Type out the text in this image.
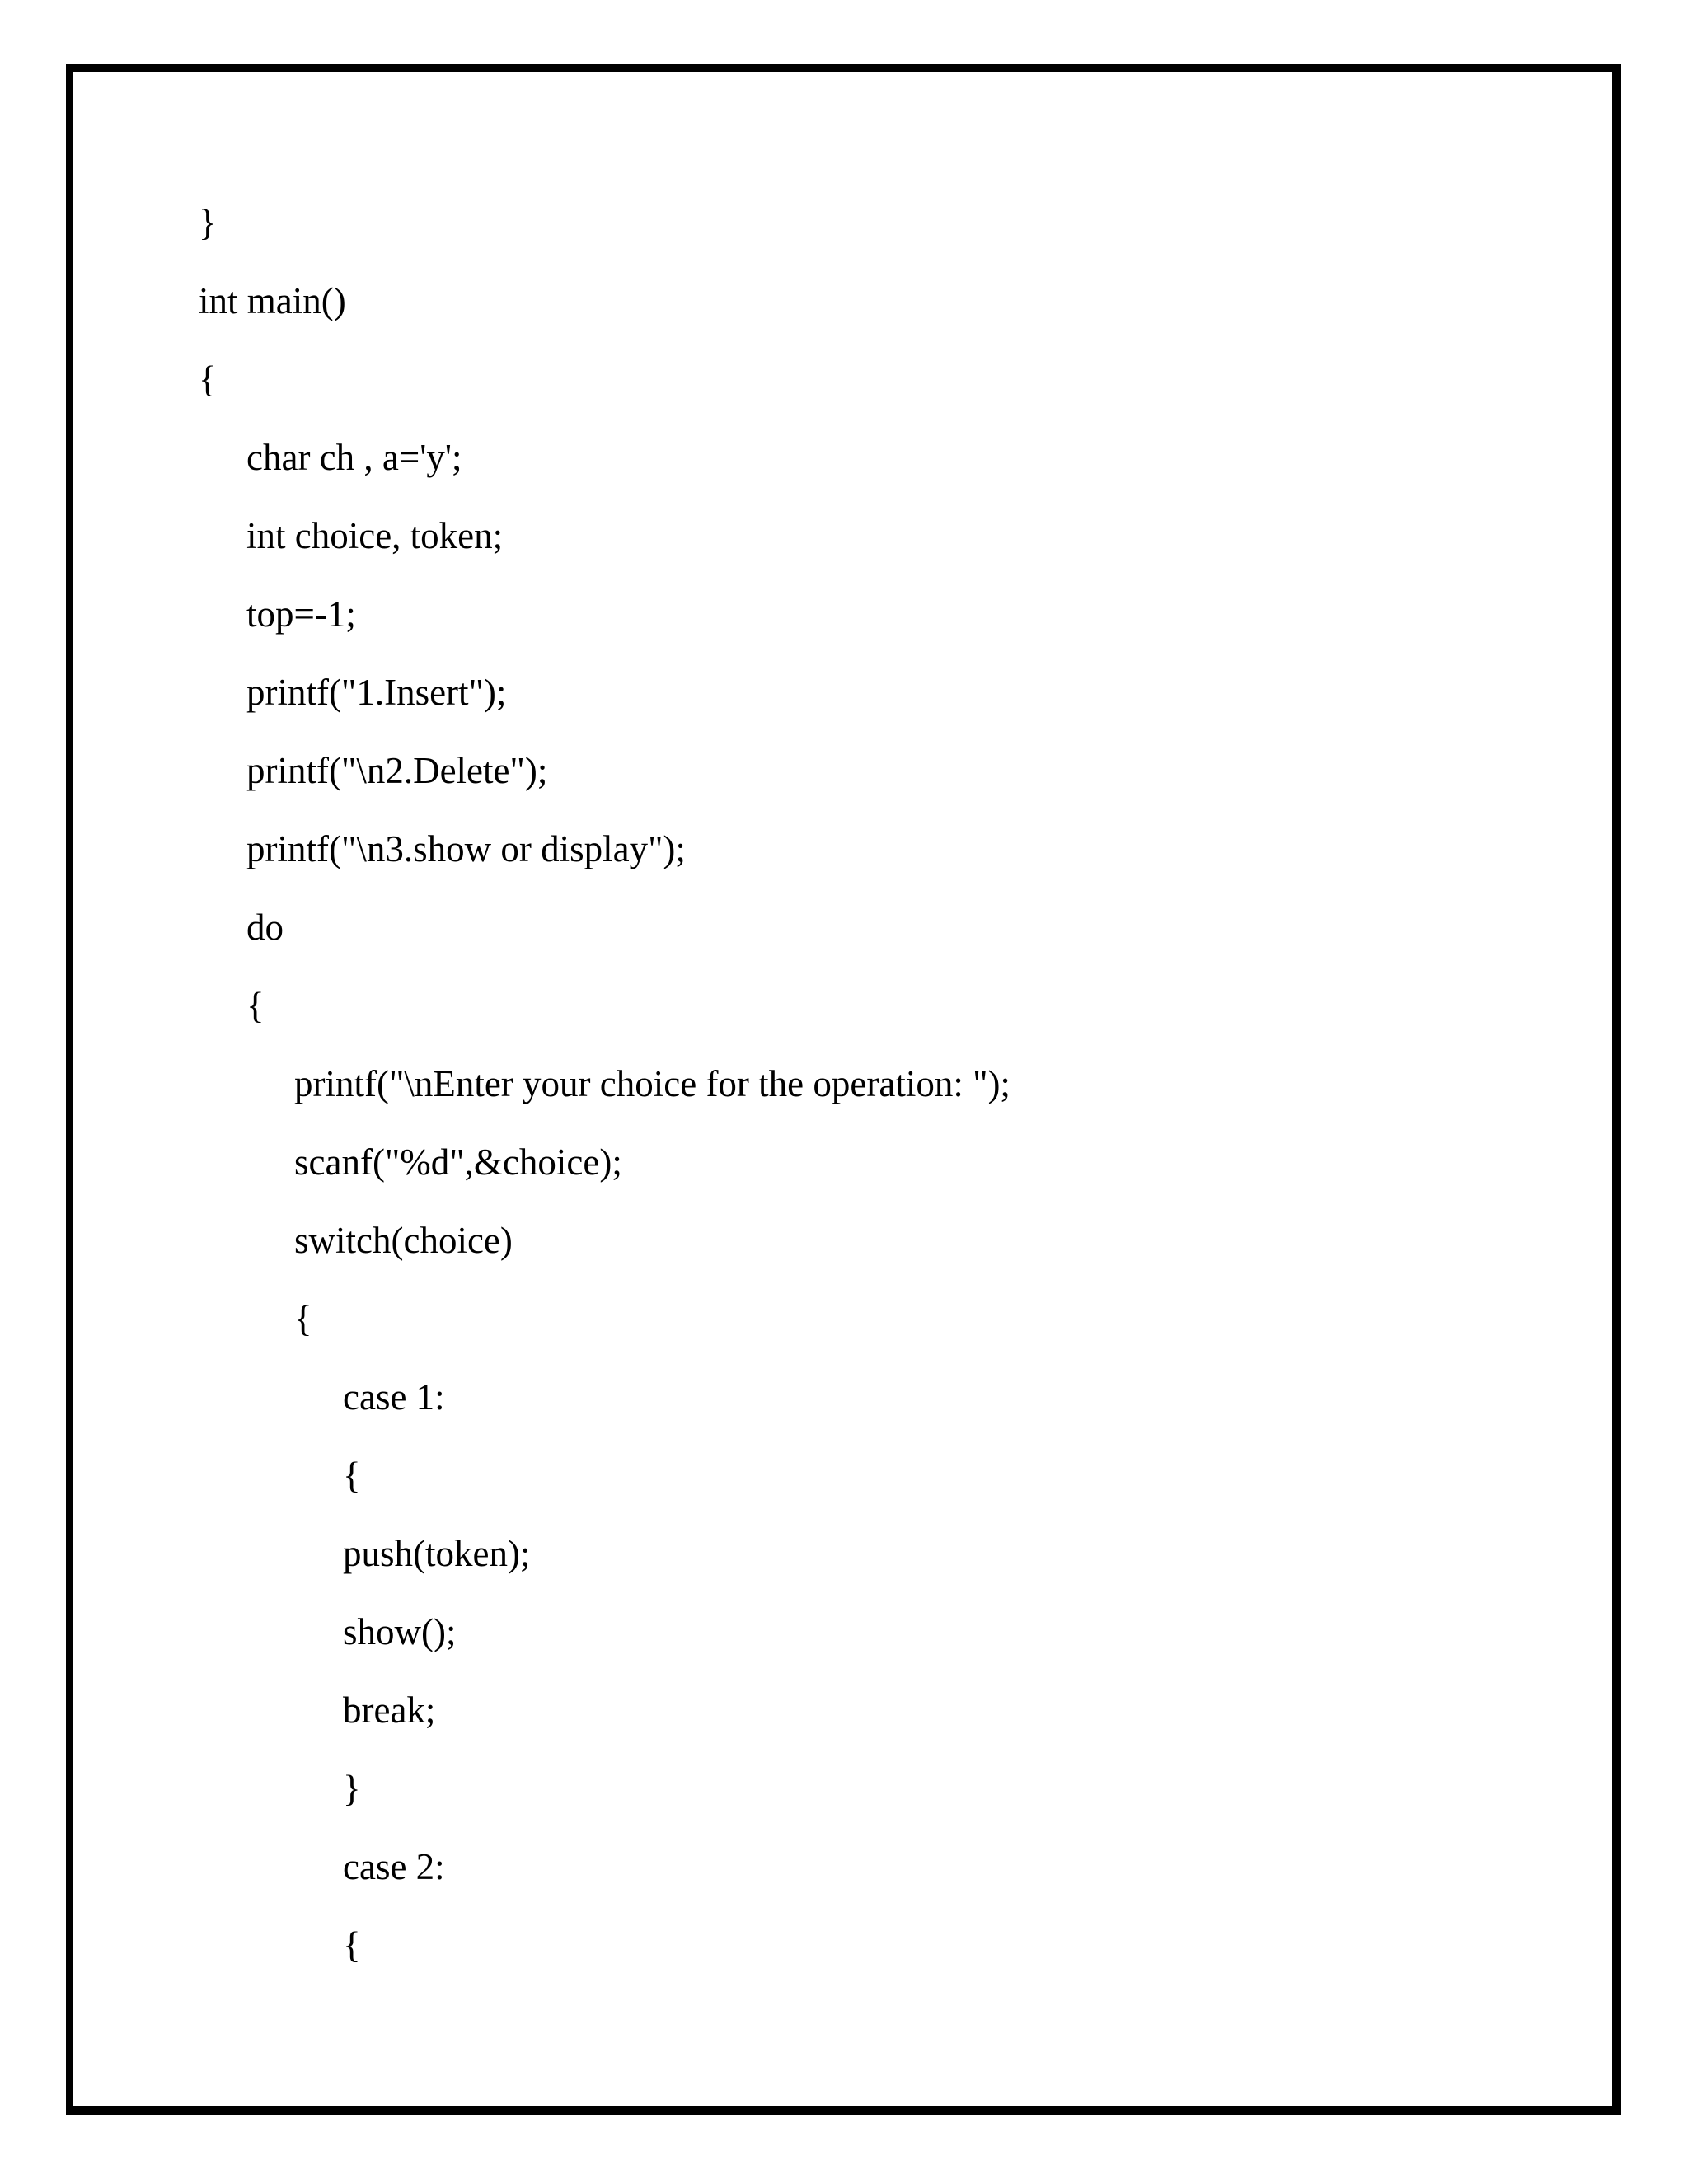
}
int main()
{
char ch , a='y';
int choice, token;
top=-1;
printf("1.Insert");
printf("\n2.Delete");
printf("\n3.show or display");
do
{
printf("\nEnter your choice for the operation: ");
scanf("%d",&choice);
switch(choice)
{
case 1:
{
push(token);
show();
break;
}
case 2:
{
